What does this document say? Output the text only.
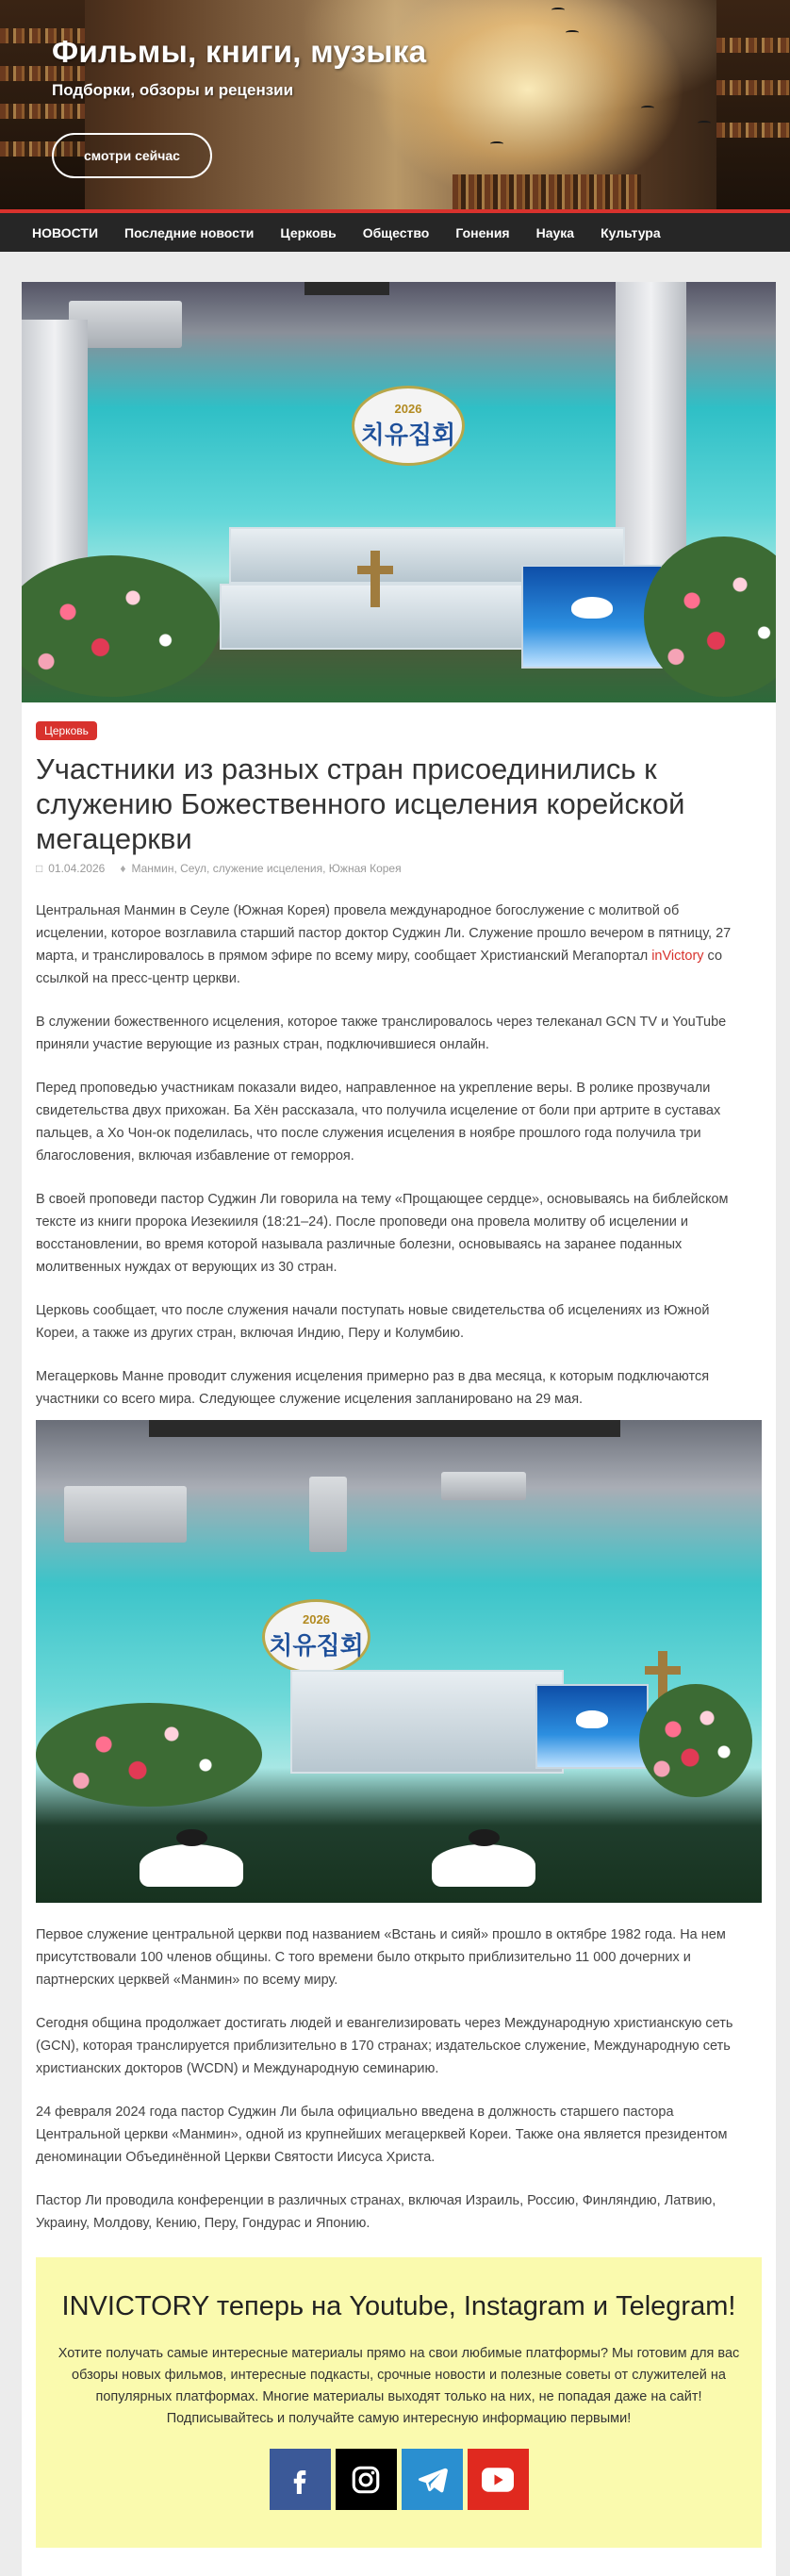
Фильмы, книги, музыка
Подборки, обзоры и рецензии
смотри сейчас
НОВОСТИ Последние новости Церковь Общество Гонения Наука Культура
2026
치유집회
Церковь
Участники из разных стран присоединились к служению Божественного исцеления корейской мегацеркви
□ 01.04.2026 ♦ Манмин, Сеул, служение исцеления, Южная Корея

Центральная Манмин в Сеуле (Южная Корея) провела международное богослужение с молитвой об исцелении, которое возглавила старший пастор доктор Суджин Ли. Служение прошло вечером в пятницу, 27 марта, и транслировалось в прямом эфире по всему миру, сообщает Христианский Мегапортал inVictory со ссылкой на пресс-центр церкви.

В служении божественного исцеления, которое также транслировалось через телеканал GCN TV и YouTube приняли участие верующие из разных стран, подключившиеся онлайн.

Перед проповедью участникам показали видео, направленное на укрепление веры. В ролике прозвучали свидетельства двух прихожан. Ба Хён рассказала, что получила исцеление от боли при артрите в суставах пальцев, а Хо Чон-ок поделилась, что после служения исцеления в ноябре прошлого года получила три благословения, включая избавление от геморроя.

В своей проповеди пастор Суджин Ли говорила на тему «Прощающее сердце», основываясь на библейском тексте из книги пророка Иезекииля (18:21–24). После проповеди она провела молитву об исцелении и восстановлении, во время которой называла различные болезни, основываясь на заранее поданных молитвенных нуждах от верующих из 30 стран.

Церковь сообщает, что после служения начали поступать новые свидетельства об исцелениях из Южной Кореи, а также из других стран, включая Индию, Перу и Колумбию.

Мегацерковь Манне проводит служения исцеления примерно раз в два месяца, к которым подключаются участники со всего мира. Следующее служение исцеления запланировано на 29 мая.

2026
치유집회

Первое служение центральной церкви под названием «Встань и сияй» прошло в октябре 1982 года. На нем присутствовали 100 членов общины. С того времени было открыто приблизительно 11 000 дочерних и партнерских церквей «Манмин» по всему миру.

Сегодня община продолжает достигать людей и евангелизировать через Международную христианскую сеть (GCN), которая транслируется приблизительно в 170 странах; издательское служение, Международную сеть христианских докторов (WCDN) и Международную семинарию.

24 февраля 2024 года пастор Суджин Ли была официально введена в должность старшего пастора Центральной церкви «Манмин», одной из крупнейших мегацерквей Кореи. Также она является президентом деноминации Объединённой Церкви Святости Иисуса Христа.

Пастор Ли проводила конференции в различных странах, включая Израиль, Россию, Финляндию, Латвию, Украину, Молдову, Кению, Перу, Гондурас и Японию.

INVICTORY теперь на Youtube, Instagram и Telegram!

Хотите получать самые интересные материалы прямо на свои любимые платформы? Мы готовим для вас обзоры новых фильмов, интересные подкасты, срочные новости и полезные советы от служителей на популярных платформах. Многие материалы выходят только на них, не попадая даже на сайт! Подписывайтесь и получайте самую интересную информацию первыми!
